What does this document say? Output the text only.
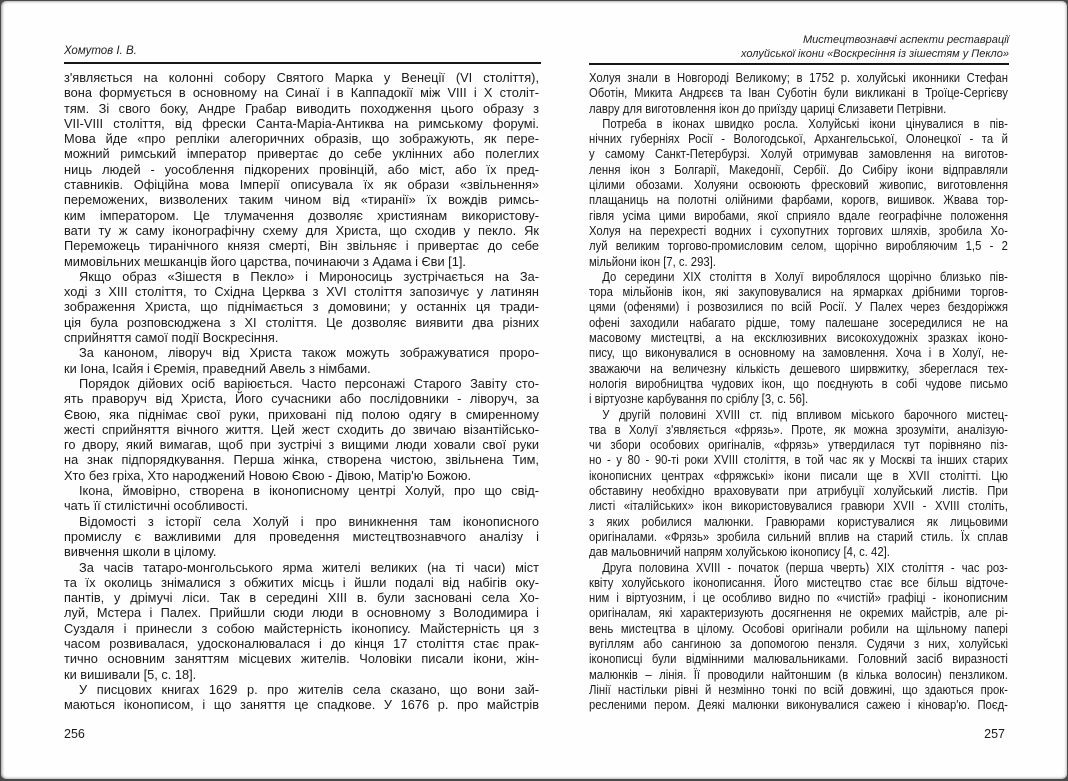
Хомутов І. В.
з'являється на колонні собору Святого Марка у Венеції (VI століття),
вона формується в основному на Синаї і в Каппадокії між VIII і X століт-
тям. Зі свого боку, Андре Грабар виводить походження цього образу з
VII-VIII століття, від фрески Санта-Маріа-Антиква на римському форумі.
Мова йде «про репліки алегоричних образів, що зображують, як пере-
можний римський імператор привертає до себе уклінних або полеглих
ниць людей - уособлення підкорених провінцій, або міст, або їх пред-
ставників. Офіційна мова Імперії описувала їх як образи «звільнення»
переможених, визволених таким чином від «тиранії» їх вождів римсь-
ким імператором. Це тлумачення дозволяє християнам використову-
вати ту ж саму іконографічну схему для Христа, що сходив у пекло. Як
Переможець тиранічного князя смерті, Він звільняє і привертає до себе
мимовільних мешканців його царства, починаючи з Адама і Єви [1].
Якщо образ «Зішестя в Пекло» і Мироносиць зустрічається на За-
ході з XIII століття, то Східна Церква з XVI століття запозичує у латинян
зображення Христа, що піднімається з домовини; у останніх ця тради-
ція була розповсюджена з XI століття. Це дозволяє виявити два різних
сприйняття самої події Воскресіння.
За каноном, ліворуч від Христа також можуть зображуватися проро-
ки Іона, Ісайя і Єремія, праведний Авель з німбами.
Порядок дійових осіб варіюється. Часто персонажі Старого Завіту сто-
ять праворуч від Христа, Його сучасники або послідовники - ліворуч, за
Євою, яка піднімає свої руки, приховані під полою одягу в смиренному
жесті сприйняття вічного життя. Цей жест сходить до звичаю візантійсько-
го двору, який вимагав, щоб при зустрічі з вищими люди ховали свої руки
на знак підпорядкування. Перша жінка, створена чистою, звільнена Тим,
Хто без гріха, Хто народжений Новою Євою - Дівою, Матір'ю Божою.
Ікона, ймовірно, створена в іконописному центрі Холуй, про що свід-
чать її стилістичні особливості.
Відомості з історії села Холуй і про виникнення там іконописного
промислу є важливими для проведення мистецтвознавчого аналізу і
вивчення школи в цілому.
За часів татаро-монгольського ярма жителі великих (на ті часи) міст
та їх околиць знімалися з обжитих місць і йшли подалі від набігів оку-
пантів, у дрімучі ліси. Так в середині XIII в. були засновані села Хо-
луй, Мстера і Палех. Прийшли сюди люди в основному з Володимира і
Суздаля і принесли з собою майстерність іконопису. Майстерність ця з
часом розвивалася, удосконалювалася і до кінця 17 століття стає прак-
тично основним заняттям місцевих жителів. Чоловіки писали ікони, жін-
ки вишивали [5, с. 18].
У писцових книгах 1629 р. про жителів села сказано, що вони зай-
маються іконописом, і що заняття це спадкове. У 1676 р. про майстрів
256
Мистецтвознавчі аспекти реставрації
холуйської ікони «Воскресіння із зішестям у Пекло»
Холуя знали в Новгороді Великому; в 1752 р. холуйські иконники Стефан
Оботін, Микита Андрєєв та Іван Суботін були викликані в Троїце-Сергієву
лавру для виготовлення ікон до приїзду цариці Єлизавети Петрівни.
Потреба в іконах швидко росла. Холуйські ікони цінувалися в пів-
нічних губерніях Росії - Вологодської, Архангельської, Олонецкої - та й
у самому Санкт-Петербурзі. Холуй отримував замовлення на виготов-
лення ікон з Болгарії, Македонії, Сербії. До Сибіру ікони відправляли
цілими обозами. Холуяни освоюють фресковий живопис, виготовлення
плащаниць на полотні олійними фарбами, корогв, вишивок. Жвава тор-
гівля усіма цими виробами, якої сприяло вдале географічне положення
Холуя на перехресті водних і сухопутних торгових шляхів, зробила Хо-
луй великим торгово-промисловим селом, щорічно виробляючим 1,5 - 2
мільйони ікон [7, с. 293].
До середини XIX століття в Холуї вироблялося щорічно близько пів-
тора мільйонів ікон, які закуповувалися на ярмарках дрібними торгов-
цями (офенями) і розвозилися по всій Росії. У Палех через бездоріжжя
офені заходили набагато рідше, тому палешане зосередилися не на
масовому мистецтві, а на ексклюзивних високохудожніх зразках іконо-
пису, що виконувалися в основному на замовлення. Хоча і в Холуї, не-
зважаючи на величезну кількість дешевого ширвжитку, збереглася тех-
нологія виробництва чудових ікон, що поєднують в собі чудове письмо
і віртуозне карбування по сріблу [3, с. 56].
У другій половині XVIII ст. під впливом міського барочного мистец-
тва в Холуї з'являється «фрязь». Проте, як можна зрозуміти, аналізую-
чи збори особових оригіналів, «фрязь» утвердилася тут порівняно піз-
но - у 80 - 90-ті роки XVIII століття, в той час як у Москві та інших старих
іконописних центрах «фряжські» ікони писали ще в XVII столітті. Цю
обставину необхідно враховувати при атрибуції холуйський листів. При
листі «італійських» ікон використовувалися гравюри XVII - XVIII століть,
з яких робилися малюнки. Гравюрами користувалися як лицьовими
оригіналами. «Фрязь» зробила сильний вплив на старий стиль. Їх сплав
дав мальовничий напрям холуйською іконопису [4, с. 42].
Друга половина XVIII - початок (перша чверть) XIX століття - час роз-
квіту холуйського іконописання. Його мистецтво стає все більш відточе-
ним і віртуозним, і це особливо видно по «чистій» графіці - іконописним
оригіналам, які характеризують досягнення не окремих майстрів, але рі-
вень мистецтва в цілому. Особові оригінали робили на щільному папері
вугіллям або сангиною за допомогою пензля. Судячи з них, холуйські
іконописці були відмінними малювальниками. Головний засіб виразності
малюнків – лінія. Її проводили найтоншим (в кілька волосин) пензликом.
Лінії настільки рівні й незмінно тонкі по всій довжині, що здаються прок-
ресленими пером. Деякі малюнки виконувалися сажею і кіновар'ю. Поєд-
257
